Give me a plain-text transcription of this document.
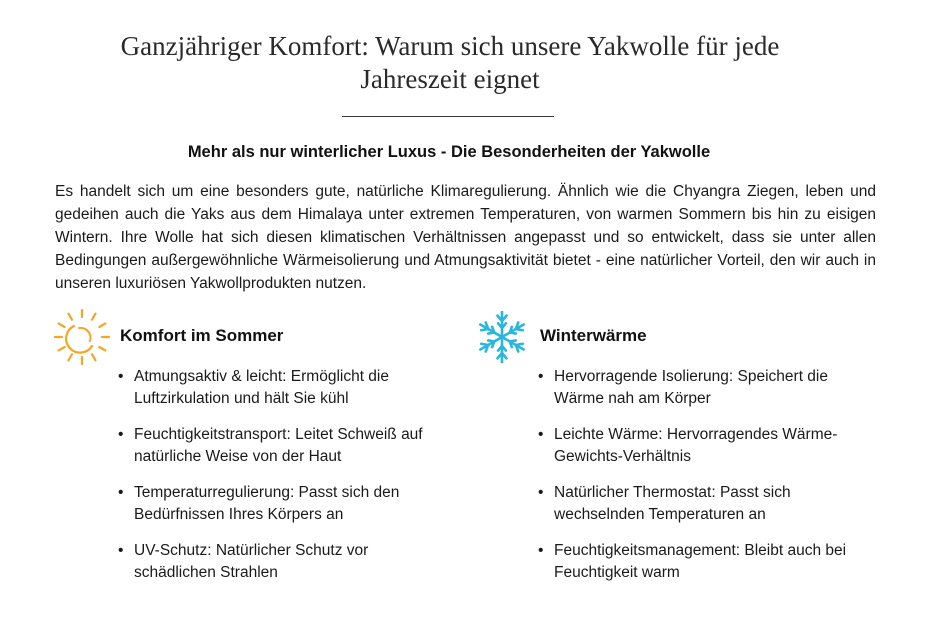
Ganzjähriger Komfort: Warum sich unsere Yakwolle für jede Jahreszeit eignet
Mehr als nur winterlicher Luxus - Die Besonderheiten der Yakwolle

Es handelt sich um eine besonders gute, natürliche Klimaregulierung. Ähnlich wie die Chyangra Ziegen, leben und gedeihen auch die Yaks aus dem Himalaya unter extremen Temperaturen, von warmen Sommern bis hin zu eisigen Wintern. Ihre Wolle hat sich diesen klimatischen Verhältnissen angepasst und so entwickelt, dass sie unter allen Bedingungen außergewöhnliche Wärmeisolierung und Atmungsaktivität bietet - eine natürlicher Vorteil, den wir auch in unseren luxuriösen Yakwollprodukten nutzen.

Komfort im Sommer
• Atmungsaktiv & leicht: Ermöglicht die Luftzirkulation und hält Sie kühl
• Feuchtigkeitstransport: Leitet Schweiß auf natürliche Weise von der Haut
• Temperaturregulierung: Passt sich den Bedürfnissen Ihres Körpers an
• UV-Schutz: Natürlicher Schutz vor schädlichen Strahlen
Winterwärme
• Hervorragende Isolierung: Speichert die Wärme nah am Körper
• Leichte Wärme: Hervorragendes Wärme-Gewichts-Verhältnis
• Natürlicher Thermostat: Passt sich wechselnden Temperaturen an
• Feuchtigkeitsmanagement: Bleibt auch bei Feuchtigkeit warm
